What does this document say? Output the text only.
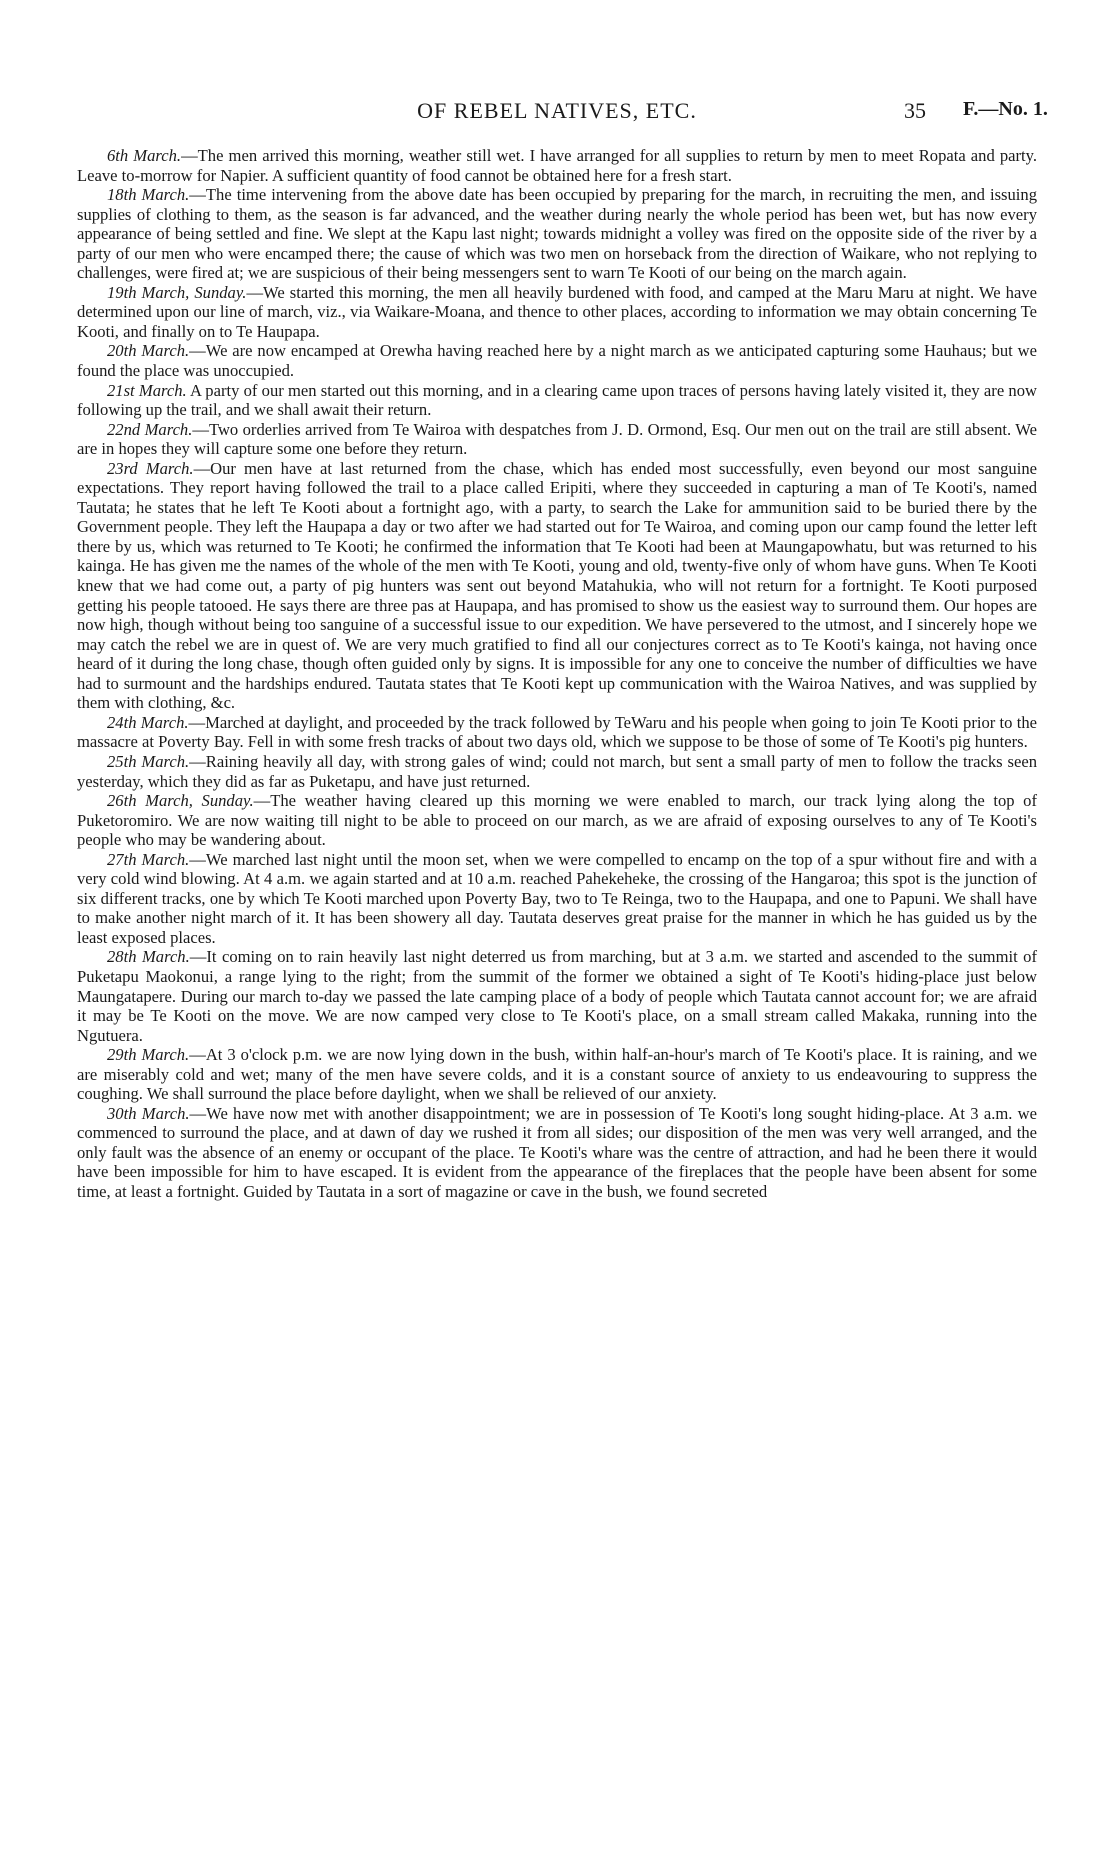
OF REBEL NATIVES, ETC.	35 F.—No. 1.

6th March.—The men arrived this morning, weather still wet. I have arranged for all supplies to return by men to meet Ropata and party. Leave to-morrow for Napier. A sufficient quantity of food cannot be obtained here for a fresh start.

18th March.—The time intervening from the above date has been occupied by preparing for the march, in recruiting the men, and issuing supplies of clothing to them, as the season is far advanced, and the weather during nearly the whole period has been wet, but has now every appearance of being settled and fine. We slept at the Kapu last night; towards midnight a volley was fired on the opposite side of the river by a party of our men who were encamped there; the cause of which was two men on horseback from the direction of Waikare, who not replying to challenges, were fired at; we are suspicious of their being messengers sent to warn Te Kooti of our being on the march again.

19th March, Sunday.—We started this morning, the men all heavily burdened with food, and camped at the Maru Maru at night. We have determined upon our line of march, viz., via Waikare-Moana, and thence to other places, according to information we may obtain concerning Te Kooti, and finally on to Te Haupapa.

20th March.—We are now encamped at Orewha having reached here by a night march as we anticipated capturing some Hauhaus; but we found the place was unoccupied.

21st March. A party of our men started out this morning, and in a clearing came upon traces of persons having lately visited it, they are now following up the trail, and we shall await their return.

22nd March.—Two orderlies arrived from Te Wairoa with despatches from J. D. Ormond, Esq. Our men out on the trail are still absent. We are in hopes they will capture some one before they return.

23rd March.—Our men have at last returned from the chase, which has ended most successfully, even beyond our most sanguine expectations. They report having followed the trail to a place called Eripiti, where they succeeded in capturing a man of Te Kooti's, named Tautata; he states that he left Te Kooti about a fortnight ago, with a party, to search the Lake for ammunition said to be buried there by the Government people. They left the Haupapa a day or two after we had started out for Te Wairoa, and coming upon our camp found the letter left there by us, which was returned to Te Kooti; he confirmed the information that Te Kooti had been at Maungapowhatu, but was returned to his kainga. He has given me the names of the whole of the men with Te Kooti, young and old, twenty-five only of whom have guns. When Te Kooti knew that we had come out, a party of pig hunters was sent out beyond Matahukia, who will not return for a fortnight. Te Kooti purposed getting his people tatooed. He says there are three pas at Haupapa, and has promised to show us the easiest way to surround them. Our hopes are now high, though without being too sanguine of a successful issue to our expedition. We have persevered to the utmost, and I sincerely hope we may catch the rebel we are in quest of. We are very much gratified to find all our conjectures correct as to Te Kooti's kainga, not having once heard of it during the long chase, though often guided only by signs. It is impossible for any one to conceive the number of difficulties we have had to surmount and the hardships endured. Tautata states that Te Kooti kept up communication with the Wairoa Natives, and was supplied by them with clothing, &c.

24th March.—Marched at daylight, and proceeded by the track followed by TeWaru and his people when going to join Te Kooti prior to the massacre at Poverty Bay. Fell in with some fresh tracks of about two days old, which we suppose to be those of some of Te Kooti's pig hunters.

25th March.—Raining heavily all day, with strong gales of wind; could not march, but sent a small party of men to follow the tracks seen yesterday, which they did as far as Puketapu, and have just returned.

26th March, Sunday.—The weather having cleared up this morning we were enabled to march, our track lying along the top of Puketoromiro. We are now waiting till night to be able to proceed on our march, as we are afraid of exposing ourselves to any of Te Kooti's people who may be wandering about.

27th March.—We marched last night until the moon set, when we were compelled to encamp on the top of a spur without fire and with a very cold wind blowing. At 4 a.m. we again started and at 10 a.m. reached Pahekeheke, the crossing of the Hangaroa; this spot is the junction of six different tracks, one by which Te Kooti marched upon Poverty Bay, two to Te Reinga, two to the Haupapa, and one to Papuni. We shall have to make another night march of it. It has been showery all day. Tautata deserves great praise for the manner in which he has guided us by the least exposed places.

28th March.—It coming on to rain heavily last night deterred us from marching, but at 3 a.m. we started and ascended to the summit of Puketapu Maokonui, a range lying to the right; from the summit of the former we obtained a sight of Te Kooti's hiding-place just below Maungatapere. During our march to-day we passed the late camping place of a body of people which Tautata cannot account for; we are afraid it may be Te Kooti on the move. We are now camped very close to Te Kooti's place, on a small stream called Makaka, running into the Ngutuera.

29th March.—At 3 o'clock p.m. we are now lying down in the bush, within half-an-hour's march of Te Kooti's place. It is raining, and we are miserably cold and wet; many of the men have severe colds, and it is a constant source of anxiety to us endeavouring to suppress the coughing. We shall surround the place before daylight, when we shall be relieved of our anxiety.

30th March.—We have now met with another disappointment; we are in possession of Te Kooti's long sought hiding-place. At 3 a.m. we commenced to surround the place, and at dawn of day we rushed it from all sides; our disposition of the men was very well arranged, and the only fault was the absence of an enemy or occupant of the place. Te Kooti's whare was the centre of attraction, and had he been there it would have been impossible for him to have escaped. It is evident from the appearance of the fireplaces that the people have been absent for some time, at least a fortnight. Guided by Tautata in a sort of magazine or cave in the bush, we found secreted
